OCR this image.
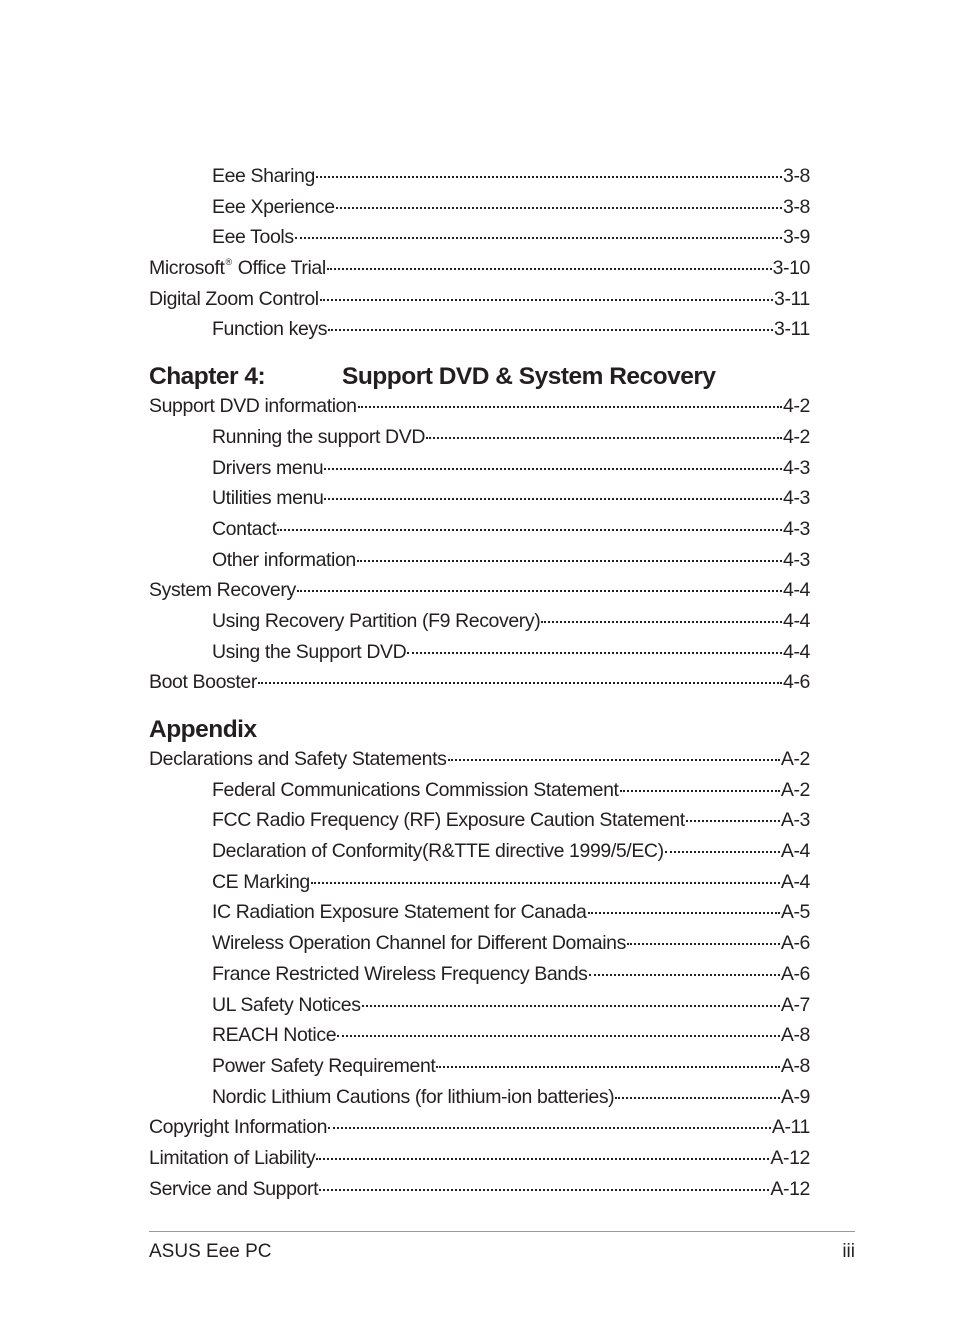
Eee Sharing	3-8
Eee Xperience	3-8
Eee Tools	3-9
Microsoft® Office Trial	3-10
Digital Zoom Control	3-11
Function keys	3-11
Chapter 4:	Support DVD & System Recovery
Support DVD information	4-2
Running the support DVD	4-2
Drivers menu	4-3
Utilities menu	4-3
Contact	4-3
Other information	4-3
System Recovery	4-4
Using Recovery Partition (F9 Recovery)	4-4
Using the Support DVD	4-4
Boot Booster	4-6
Appendix
Declarations and Safety Statements	A-2
Federal Communications Commission Statement	A-2
FCC Radio Frequency (RF) Exposure Caution Statement	A-3
Declaration of Conformity(R&TTE directive 1999/5/EC)	A-4
CE Marking	A-4
IC Radiation Exposure Statement for Canada	A-5
Wireless Operation Channel for Different Domains	A-6
France Restricted Wireless Frequency Bands	A-6
UL Safety Notices	A-7
REACH Notice	A-8
Power Safety Requirement	A-8
Nordic Lithium Cautions (for lithium-ion batteries)	A-9
Copyright Information	A-11
Limitation of Liability	A-12
Service and Support	A-12
ASUS Eee PC	iii
